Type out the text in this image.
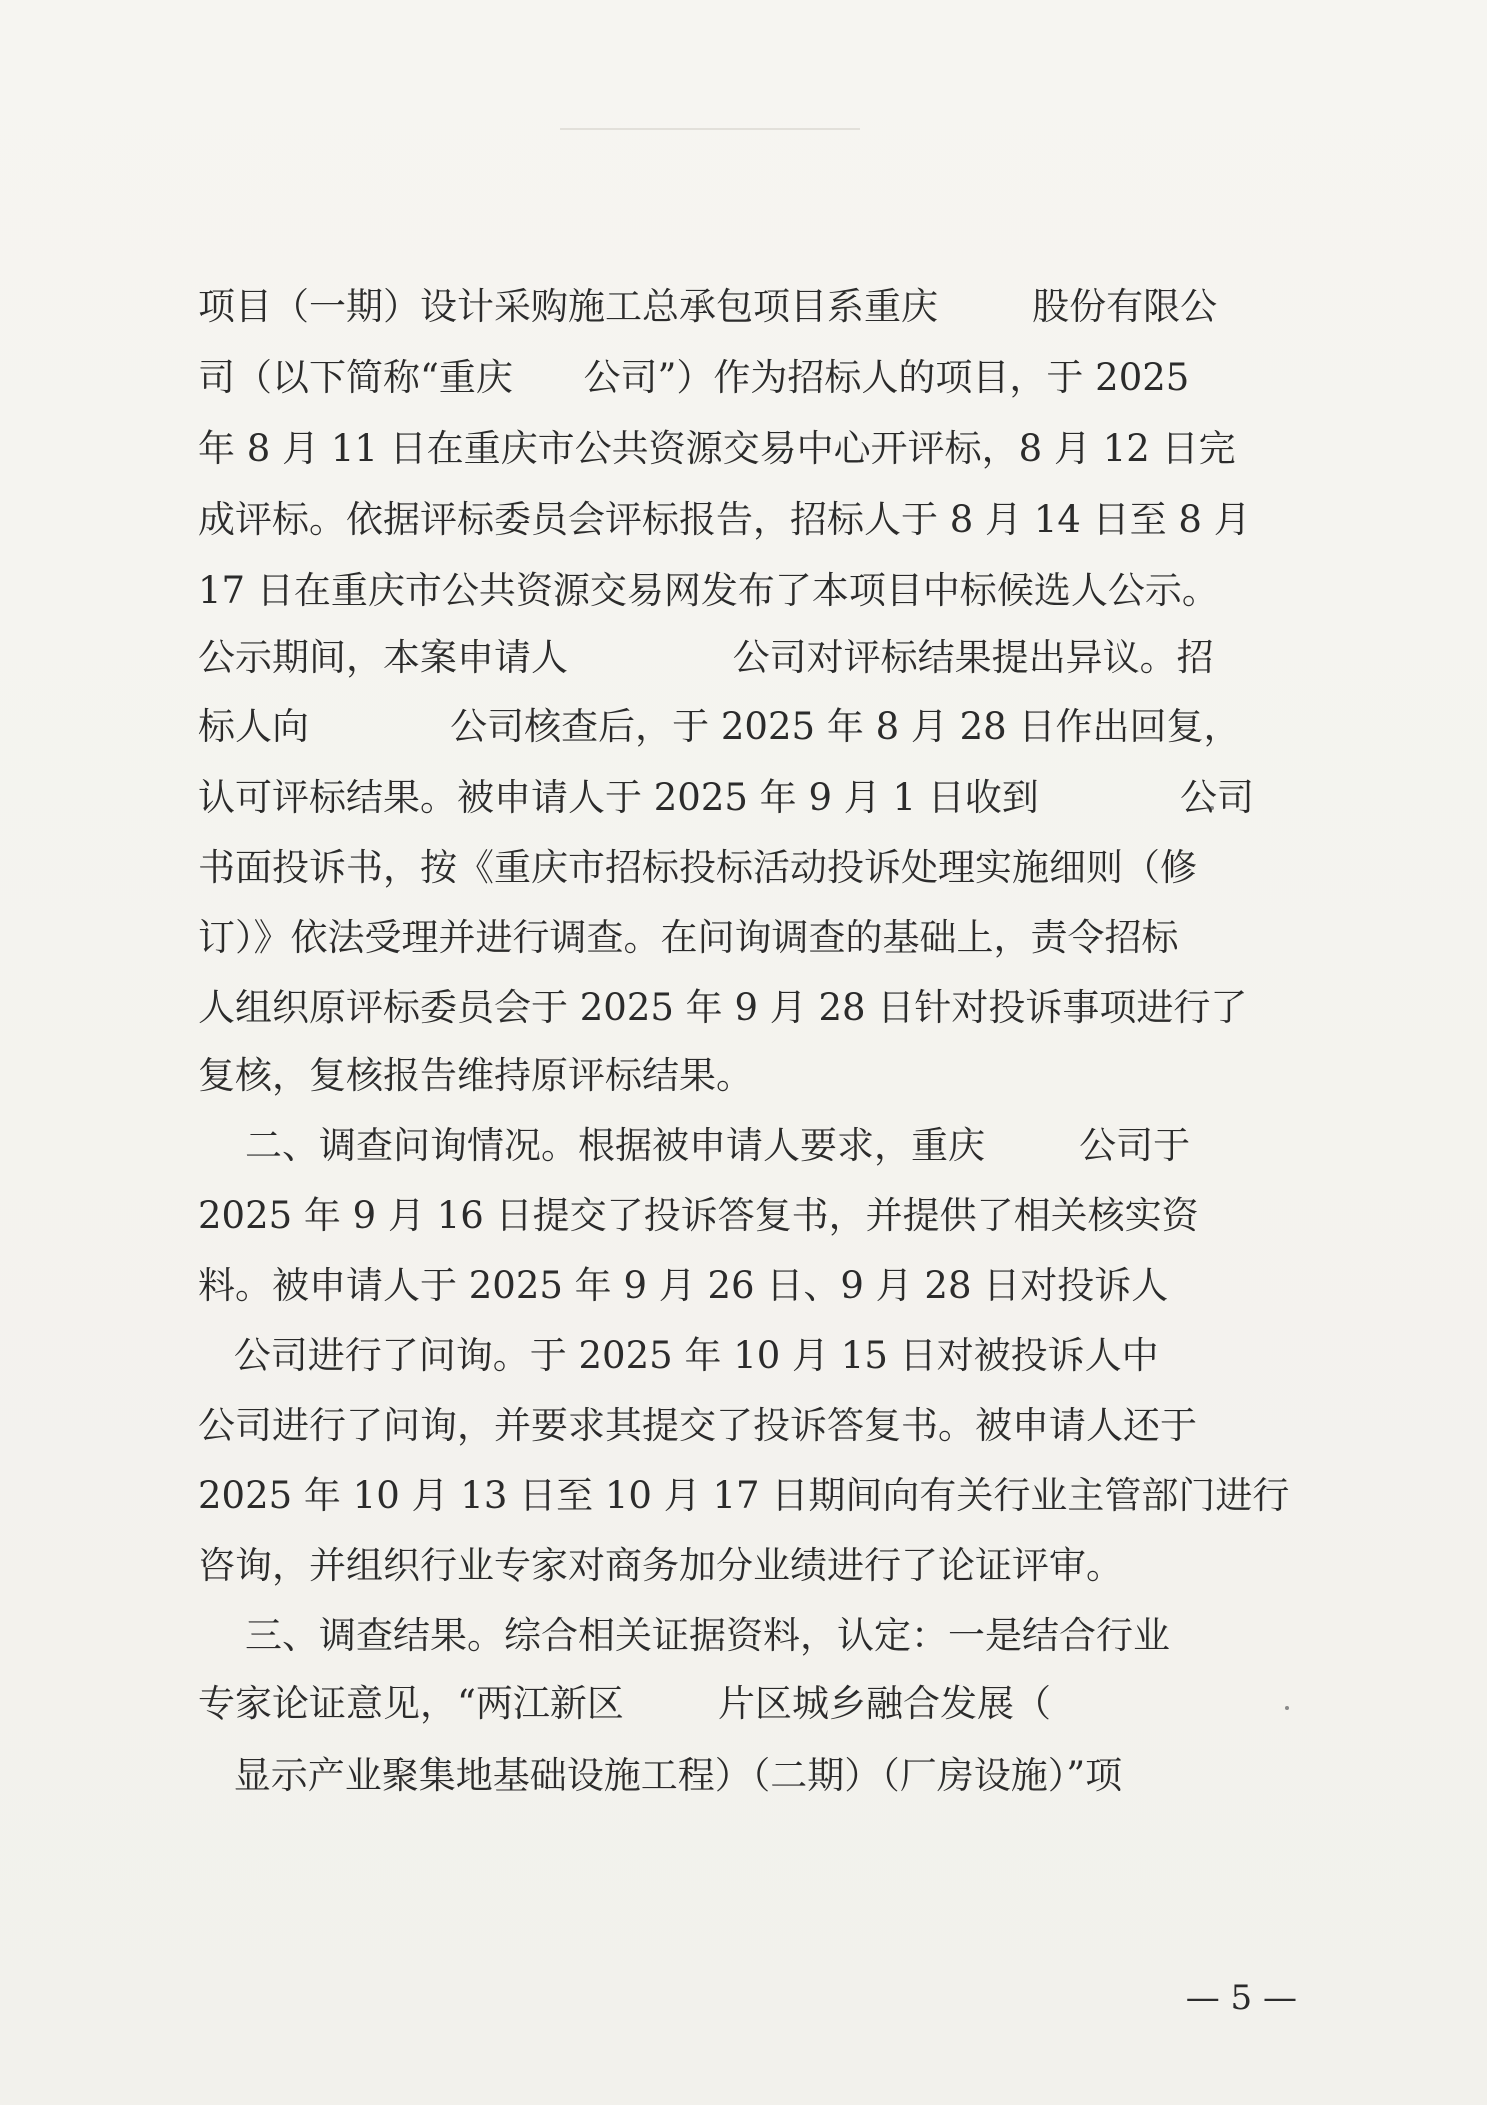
项目（一期）设计采购施工总承包项目系重庆        股份有限公
司（以下简称“重庆      公司”）作为招标人的项目，于 2025
年 8 月 11 日在重庆市公共资源交易中心开评标，8 月 12 日完
成评标。依据评标委员会评标报告，招标人于 8 月 14 日至 8 月
17 日在重庆市公共资源交易网发布了本项目中标候选人公示。
公示期间，本案申请人              公司对评标结果提出异议。招
标人向            公司核查后，于 2025 年 8 月 28 日作出回复，
认可评标结果。被申请人于 2025 年 9 月 1 日收到            公司
书面投诉书，按《重庆市招标投标活动投诉处理实施细则（修
订）》依法受理并进行调查。在问询调查的基础上，责令招标
人组织原评标委员会于 2025 年 9 月 28 日针对投诉事项进行了
复核，复核报告维持原评标结果。
二、调查问询情况。根据被申请人要求，重庆        公司于
2025 年 9 月 16 日提交了投诉答复书，并提供了相关核实资
料。被申请人于 2025 年 9 月 26 日、9 月 28 日对投诉人
公司进行了问询。于 2025 年 10 月 15 日对被投诉人中
公司进行了问询，并要求其提交了投诉答复书。被申请人还于
2025 年 10 月 13 日至 10 月 17 日期间向有关行业主管部门进行
咨询，并组织行业专家对商务加分业绩进行了论证评审。
三、调查结果。综合相关证据资料，认定：一是结合行业
专家论证意见，“两江新区        片区城乡融合发展（
显示产业聚集地基础设施工程）（二期）（厂房设施）”项
— 5 —
